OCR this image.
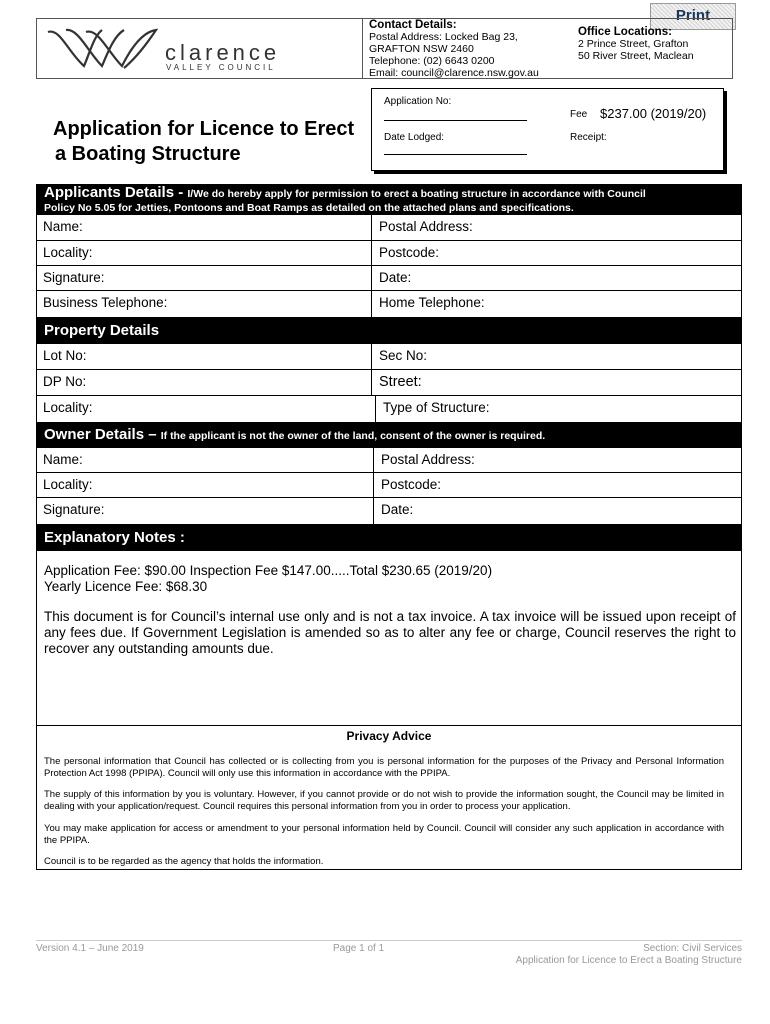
Print
clarence
VALLEY COUNCIL
Contact Details:
Postal Address: Locked Bag 23,
GRAFTON NSW 2460
Telephone: (02) 6643 0200
Email: council@clarence.nsw.gov.au
Office Locations:
2 Prince Street, Grafton
50 River Street, Maclean
Application for Licence to Erect
a Boating Structure
Application No:
Date Lodged:
Fee $237.00 (2019/20)
Receipt:
Applicants Details - I/We do hereby apply for permission to erect a boating structure in accordance with Council
Policy No 5.05 for Jetties, Pontoons and Boat Ramps as detailed on the attached plans and specifications.
Name:	Postal Address:
Locality:	Postcode:
Signature:	Date:
Business Telephone:	Home Telephone:
Property Details
Lot No:	Sec No:
DP No:	Street:
Locality:	Type of Structure:
Owner Details – If the applicant is not the owner of the land, consent of the owner is required.
Name:	Postal Address:
Locality:	Postcode:
Signature:	Date:
Explanatory Notes :
Application Fee: $90.00 Inspection Fee $147.00.....Total $230.65 (2019/20)
Yearly Licence Fee: $68.30
This document is for Council’s internal use only and is not a tax invoice. A tax invoice will be issued upon receipt of any fees due. If Government Legislation is amended so as to alter any fee or charge, Council reserves the right to recover any outstanding amounts due.
Privacy Advice
The personal information that Council has collected or is collecting from you is personal information for the purposes of the Privacy and Personal Information Protection Act 1998 (PPIPA). Council will only use this information in accordance with the PPIPA.
The supply of this information by you is voluntary. However, if you cannot provide or do not wish to provide the information sought, the Council may be limited in dealing with your application/request. Council requires this personal information from you in order to process your application.
You may make application for access or amendment to your personal information held by Council. Council will consider any such application in accordance with the PPIPA.
Council is to be regarded as the agency that holds the information.
Version 4.1 – June 2019	Page 1 of 1	Section: Civil Services
Application for Licence to Erect a Boating Structure
